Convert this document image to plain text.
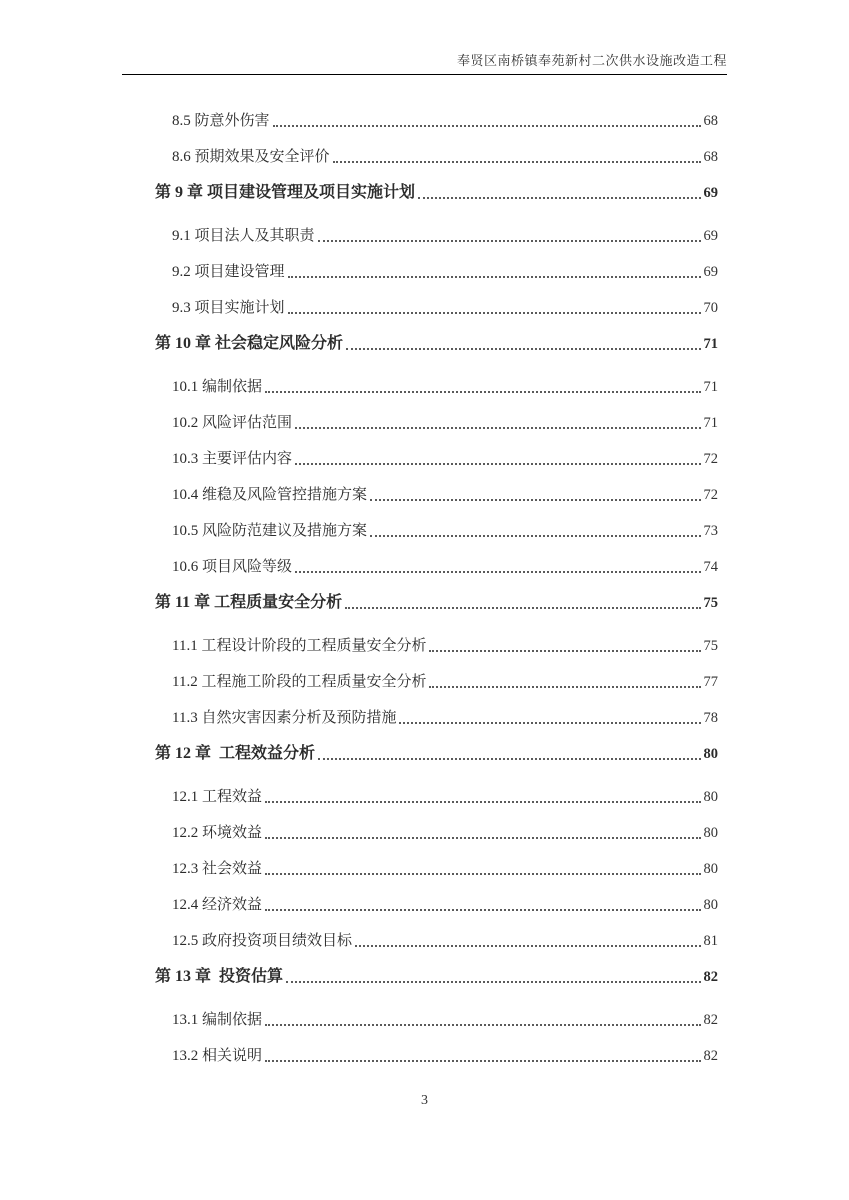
奉贤区南桥镇奉苑新村二次供水设施改造工程
8.5 防意外伤害	68
8.6 预期效果及安全评价	68
第 9 章 项目建设管理及项目实施计划	69
9.1 项目法人及其职责	69
9.2 项目建设管理	69
9.3 项目实施计划	70
第 10 章 社会稳定风险分析	71
10.1 编制依据	71
10.2 风险评估范围	71
10.3 主要评估内容	72
10.4 维稳及风险管控措施方案	72
10.5 风险防范建议及措施方案	73
10.6 项目风险等级	74
第 11 章 工程质量安全分析	75
11.1 工程设计阶段的工程质量安全分析	75
11.2 工程施工阶段的工程质量安全分析	77
11.3 自然灾害因素分析及预防措施	78
第 12 章  工程效益分析	80
12.1 工程效益	80
12.2 环境效益	80
12.3 社会效益	80
12.4 经济效益	80
12.5 政府投资项目绩效目标	81
第 13 章  投资估算	82
13.1 编制依据	82
13.2 相关说明	82
3
